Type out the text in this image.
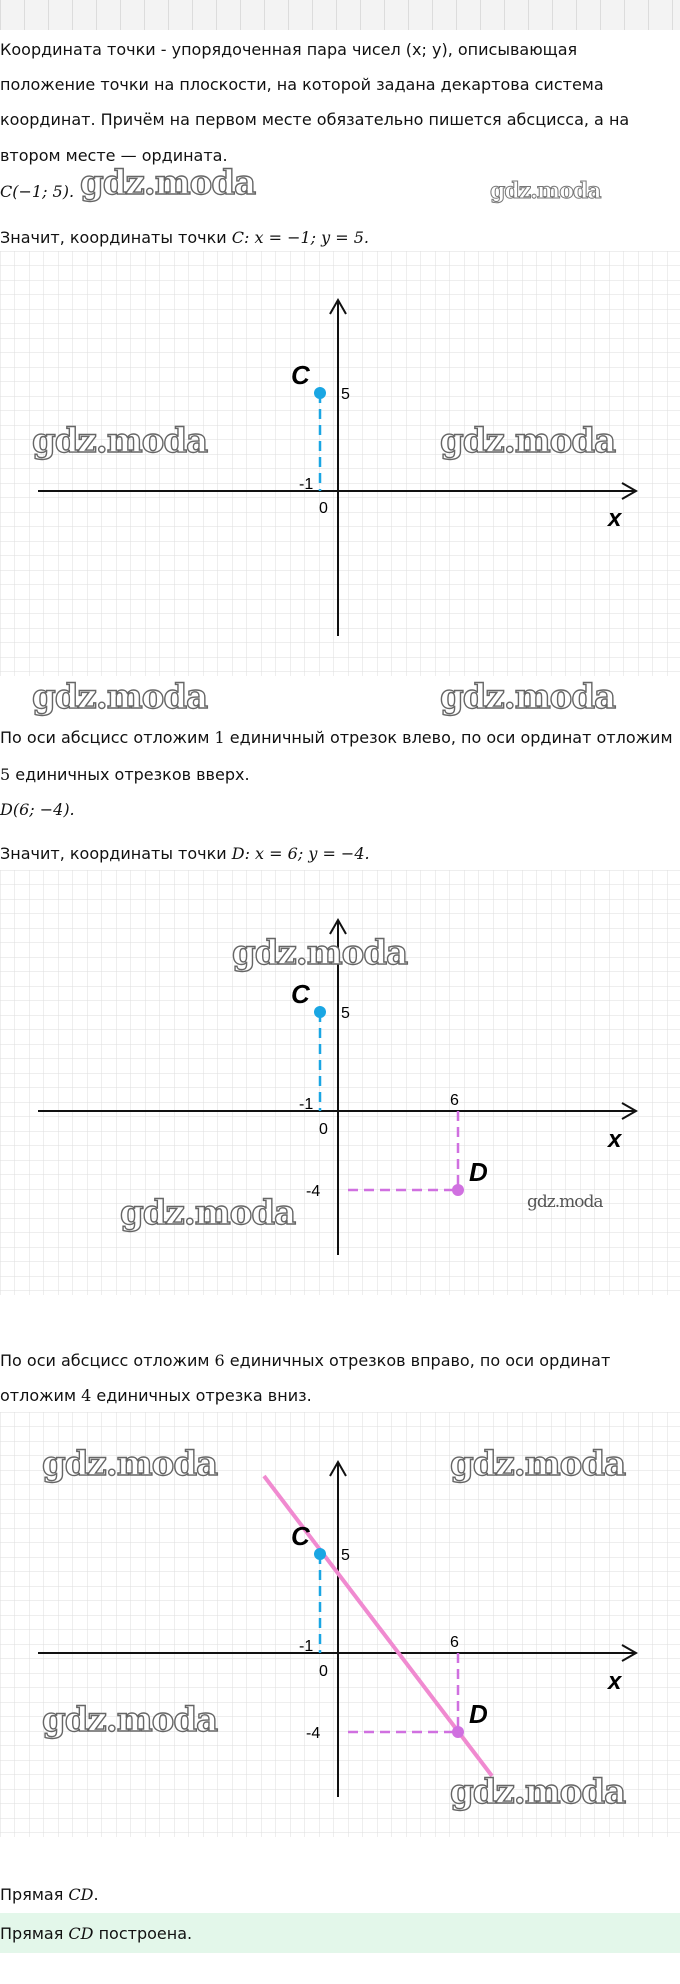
Координата точки - упорядоченная пара чисел (x; y), описывающая
положение точки на плоскости, на которой задана декартова система
координат. Причём на первом месте обязательно пишется абсцисса, а на
втором месте — ордината.
C(−1; 5). gdz.moda	gdz.moda
Значит, координаты точки C: x = −1; y = 5.
C
5
-1
0	x
gdz.moda	gdz.moda
gdz.moda	gdz.moda
По оси абсцисс отложим 1 единичный отрезок влево, по оси ординат отложим
5 единичных отрезков вверх.
D(6; −4).
Значит, координаты точки D: x = 6; y = −4.
C
5
-1
0
6
-4
D
x
gdz.moda
gdz.moda	gdz.moda
По оси абсцисс отложим 6 единичных отрезков вправо, по оси ординат
отложим 4 единичных отрезка вниз.
C
5
-1
0
6
-4
D
x
gdz.moda	gdz.moda
gdz.moda
gdz.moda
Прямая CD.
Прямая CD построена.
